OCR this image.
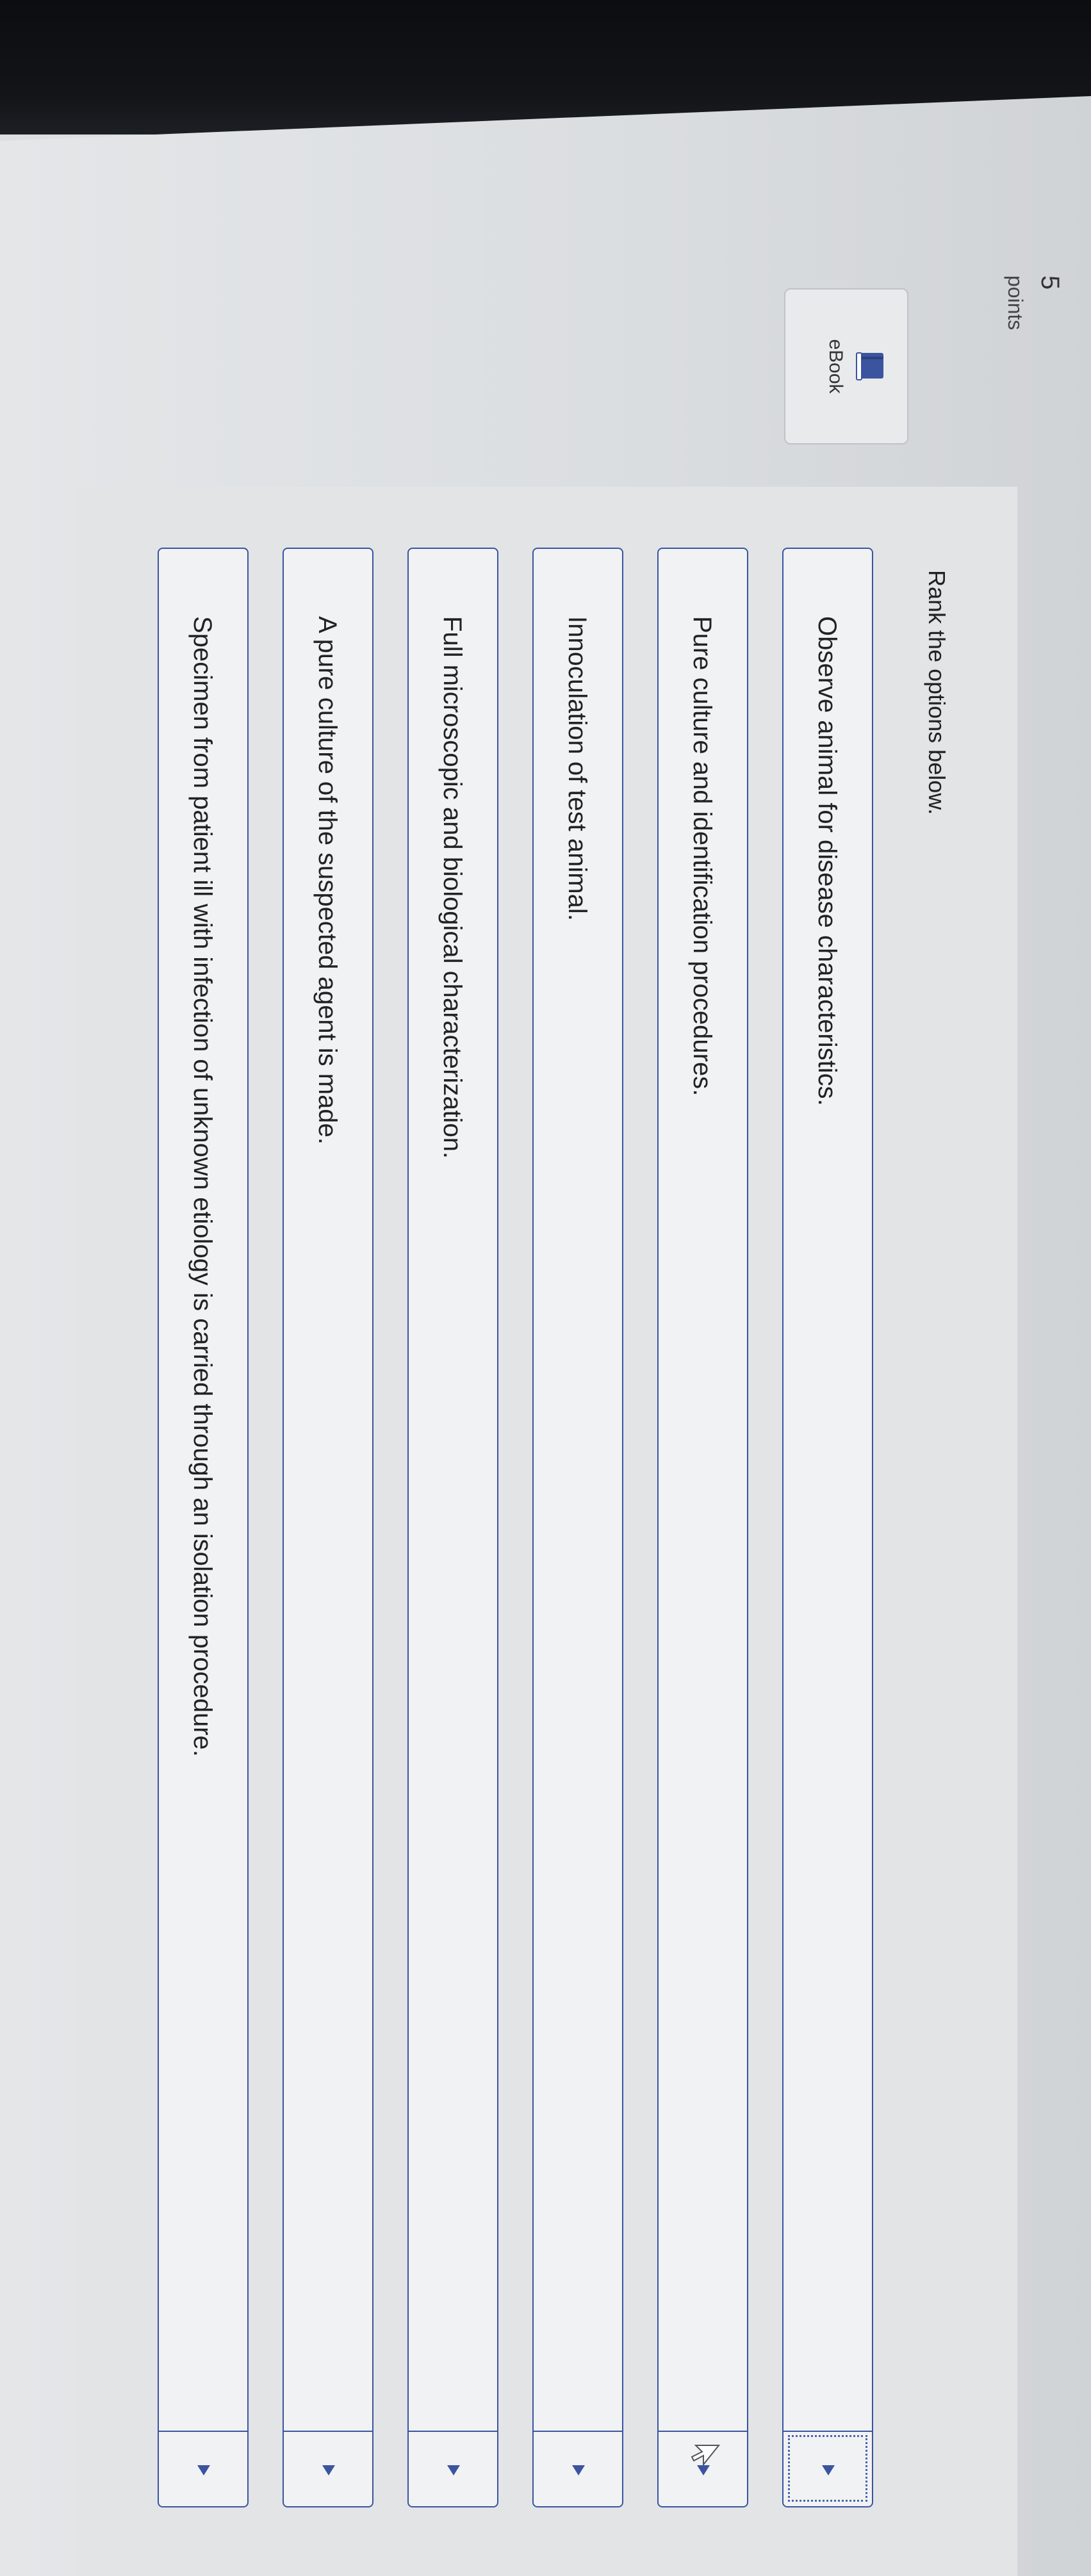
5
points
eBook
Rank the options below.
Observe animal for disease characteristics.
Pure culture and identification procedures.
Innoculation of test animal.
Full microscopic and biological characterization.
A pure culture of the suspected agent is made.
Specimen from patient ill with infection of unknown etiology is carried through an isolation procedure.
